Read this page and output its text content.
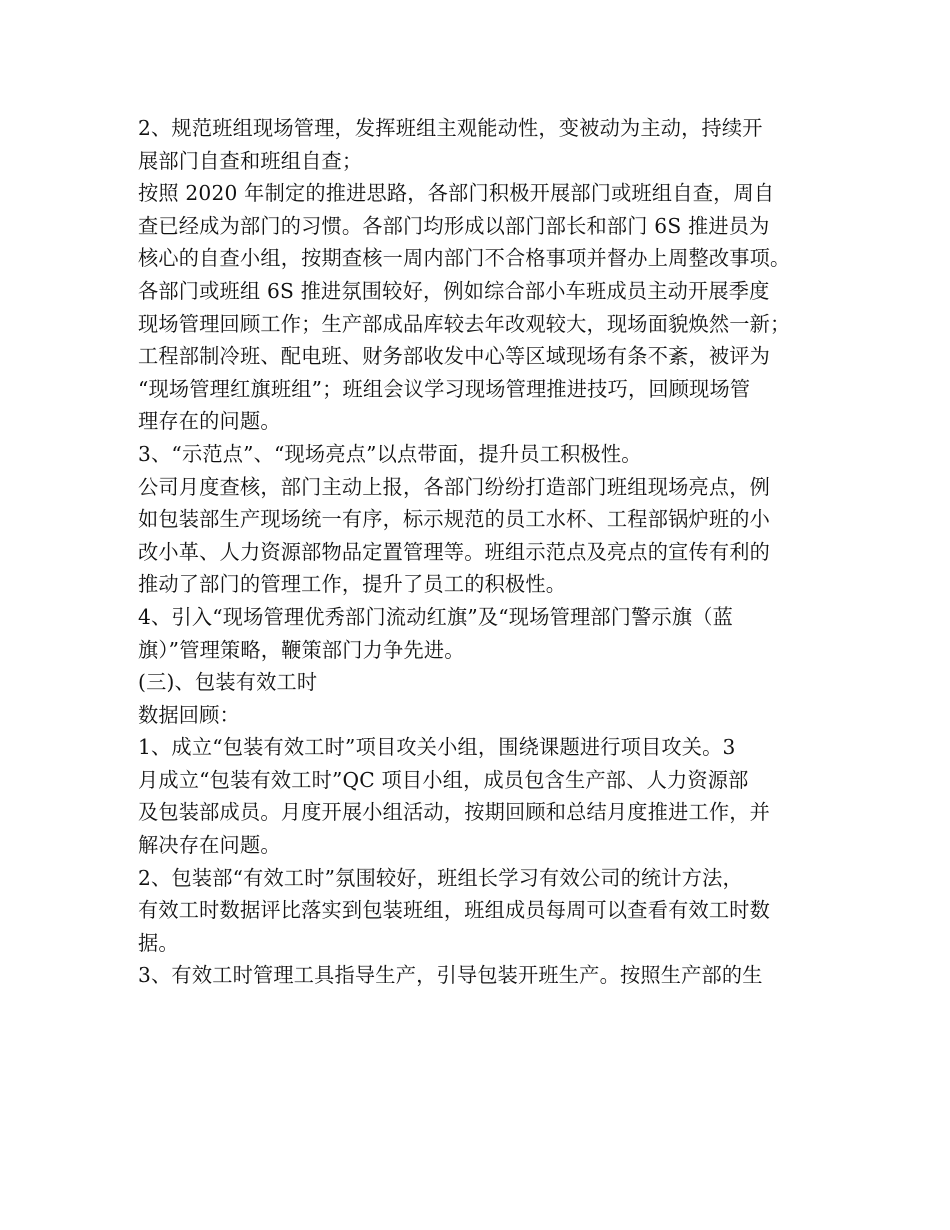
2、规范班组现场管理，发挥班组主观能动性，变被动为主动，持续开
展部门自查和班组自查；
按照 2020 年制定的推进思路，各部门积极开展部门或班组自查，周自
查已经成为部门的习惯。各部门均形成以部门部长和部门 6S 推进员为
核心的自查小组，按期查核一周内部门不合格事项并督办上周整改事项。
各部门或班组 6S 推进氛围较好，例如综合部小车班成员主动开展季度
现场管理回顾工作；生产部成品库较去年改观较大，现场面貌焕然一新；
工程部制冷班、配电班、财务部收发中心等区域现场有条不紊，被评为
“现场管理红旗班组”；班组会议学习现场管理推进技巧，回顾现场管
理存在的问题。
3、“示范点”、“现场亮点”以点带面，提升员工积极性。
公司月度查核，部门主动上报，各部门纷纷打造部门班组现场亮点，例
如包装部生产现场统一有序，标示规范的员工水杯、工程部锅炉班的小
改小革、人力资源部物品定置管理等。班组示范点及亮点的宣传有利的
推动了部门的管理工作，提升了员工的积极性。
4、引入“现场管理优秀部门流动红旗”及“现场管理部门警示旗（蓝
旗）”管理策略，鞭策部门力争先进。
(三)、包装有效工时
数据回顾：
1、成立“包装有效工时”项目攻关小组，围绕课题进行项目攻关。3
月成立“包装有效工时”QC 项目小组，成员包含生产部、人力资源部
及包装部成员。月度开展小组活动，按期回顾和总结月度推进工作，并
解决存在问题。
2、包装部“有效工时”氛围较好，班组长学习有效公司的统计方法，
有效工时数据评比落实到包装班组，班组成员每周可以查看有效工时数
据。
3、有效工时管理工具指导生产，引导包装开班生产。按照生产部的生
